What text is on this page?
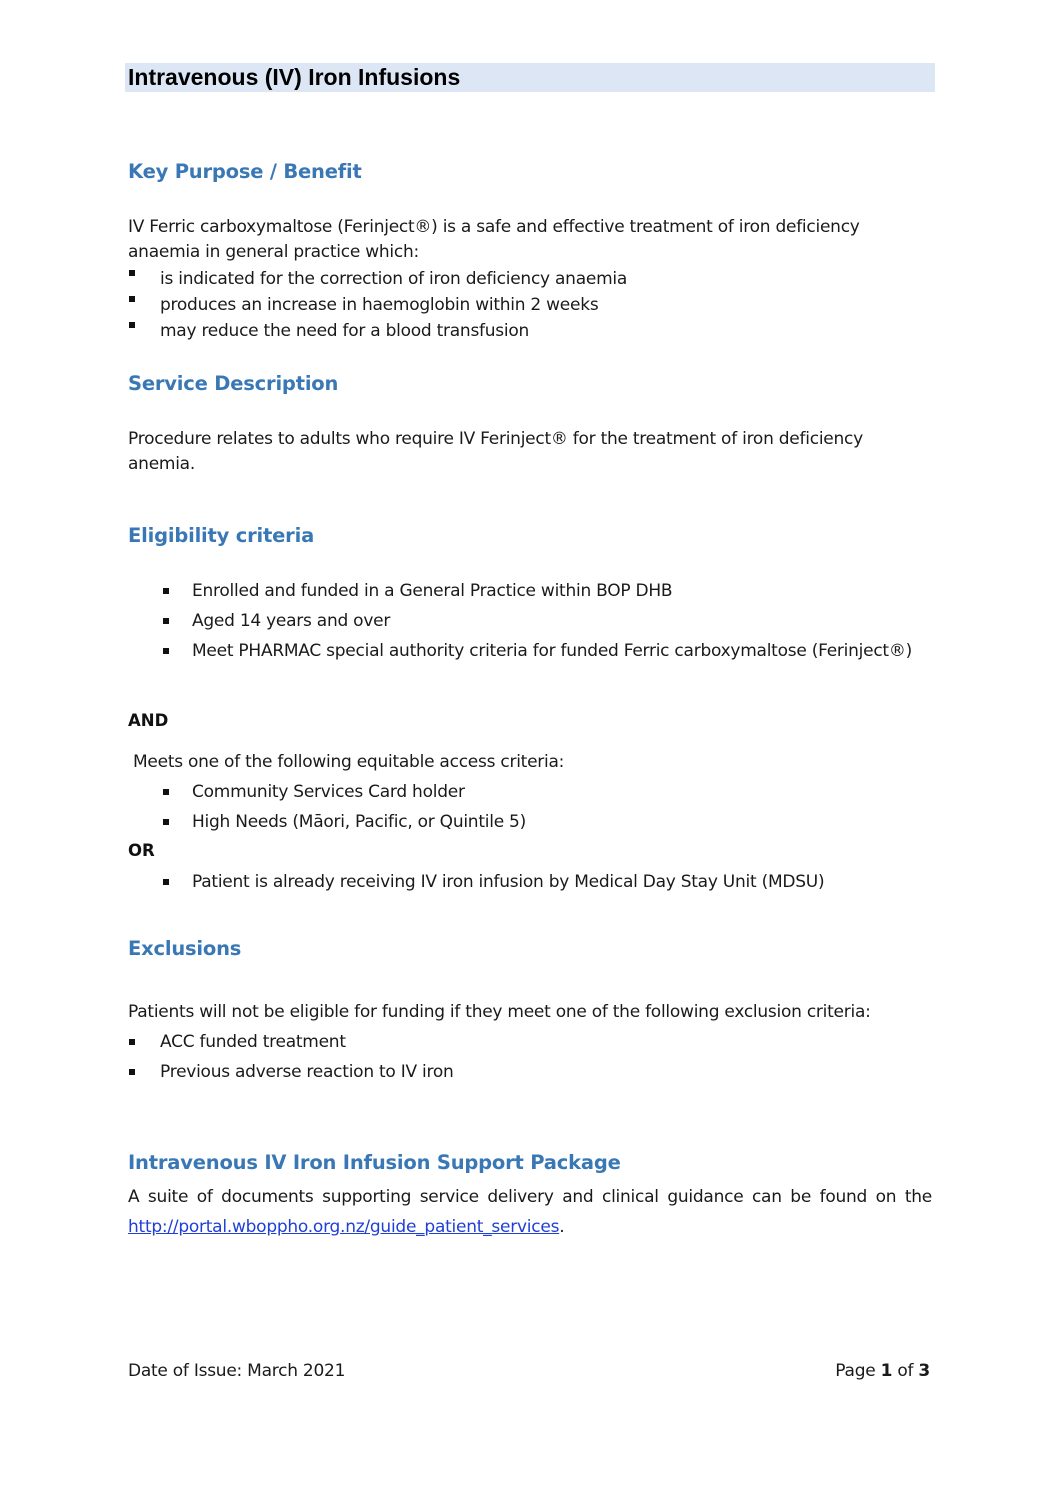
Intravenous (IV) Iron Infusions
Key Purpose / Benefit
IV Ferric carboxymaltose (Ferinject®) is a safe and effective treatment of iron deficiency anaemia in general practice which:
is indicated for the correction of iron deficiency anaemia
produces an increase in haemoglobin within 2 weeks
may reduce the need for a blood transfusion
Service Description
Procedure relates to adults who require IV Ferinject® for the treatment of iron deficiency anemia.
Eligibility criteria
Enrolled and funded in a General Practice within BOP DHB
Aged 14 years and over
Meet PHARMAC special authority criteria for funded Ferric carboxymaltose (Ferinject®)
AND
Meets one of the following equitable access criteria:
Community Services Card holder
High Needs (Māori, Pacific, or Quintile 5)
OR
Patient is already receiving IV iron infusion by Medical Day Stay Unit (MDSU)
Exclusions
Patients will not be eligible for funding if they meet one of the following exclusion criteria:
ACC funded treatment
Previous adverse reaction to IV iron
Intravenous IV Iron Infusion Support Package
A suite of documents supporting service delivery and clinical guidance can be found on the
http://portal.wboppho.org.nz/guide_patient_services.
Date of Issue: March 2021	Page 1 of 3
